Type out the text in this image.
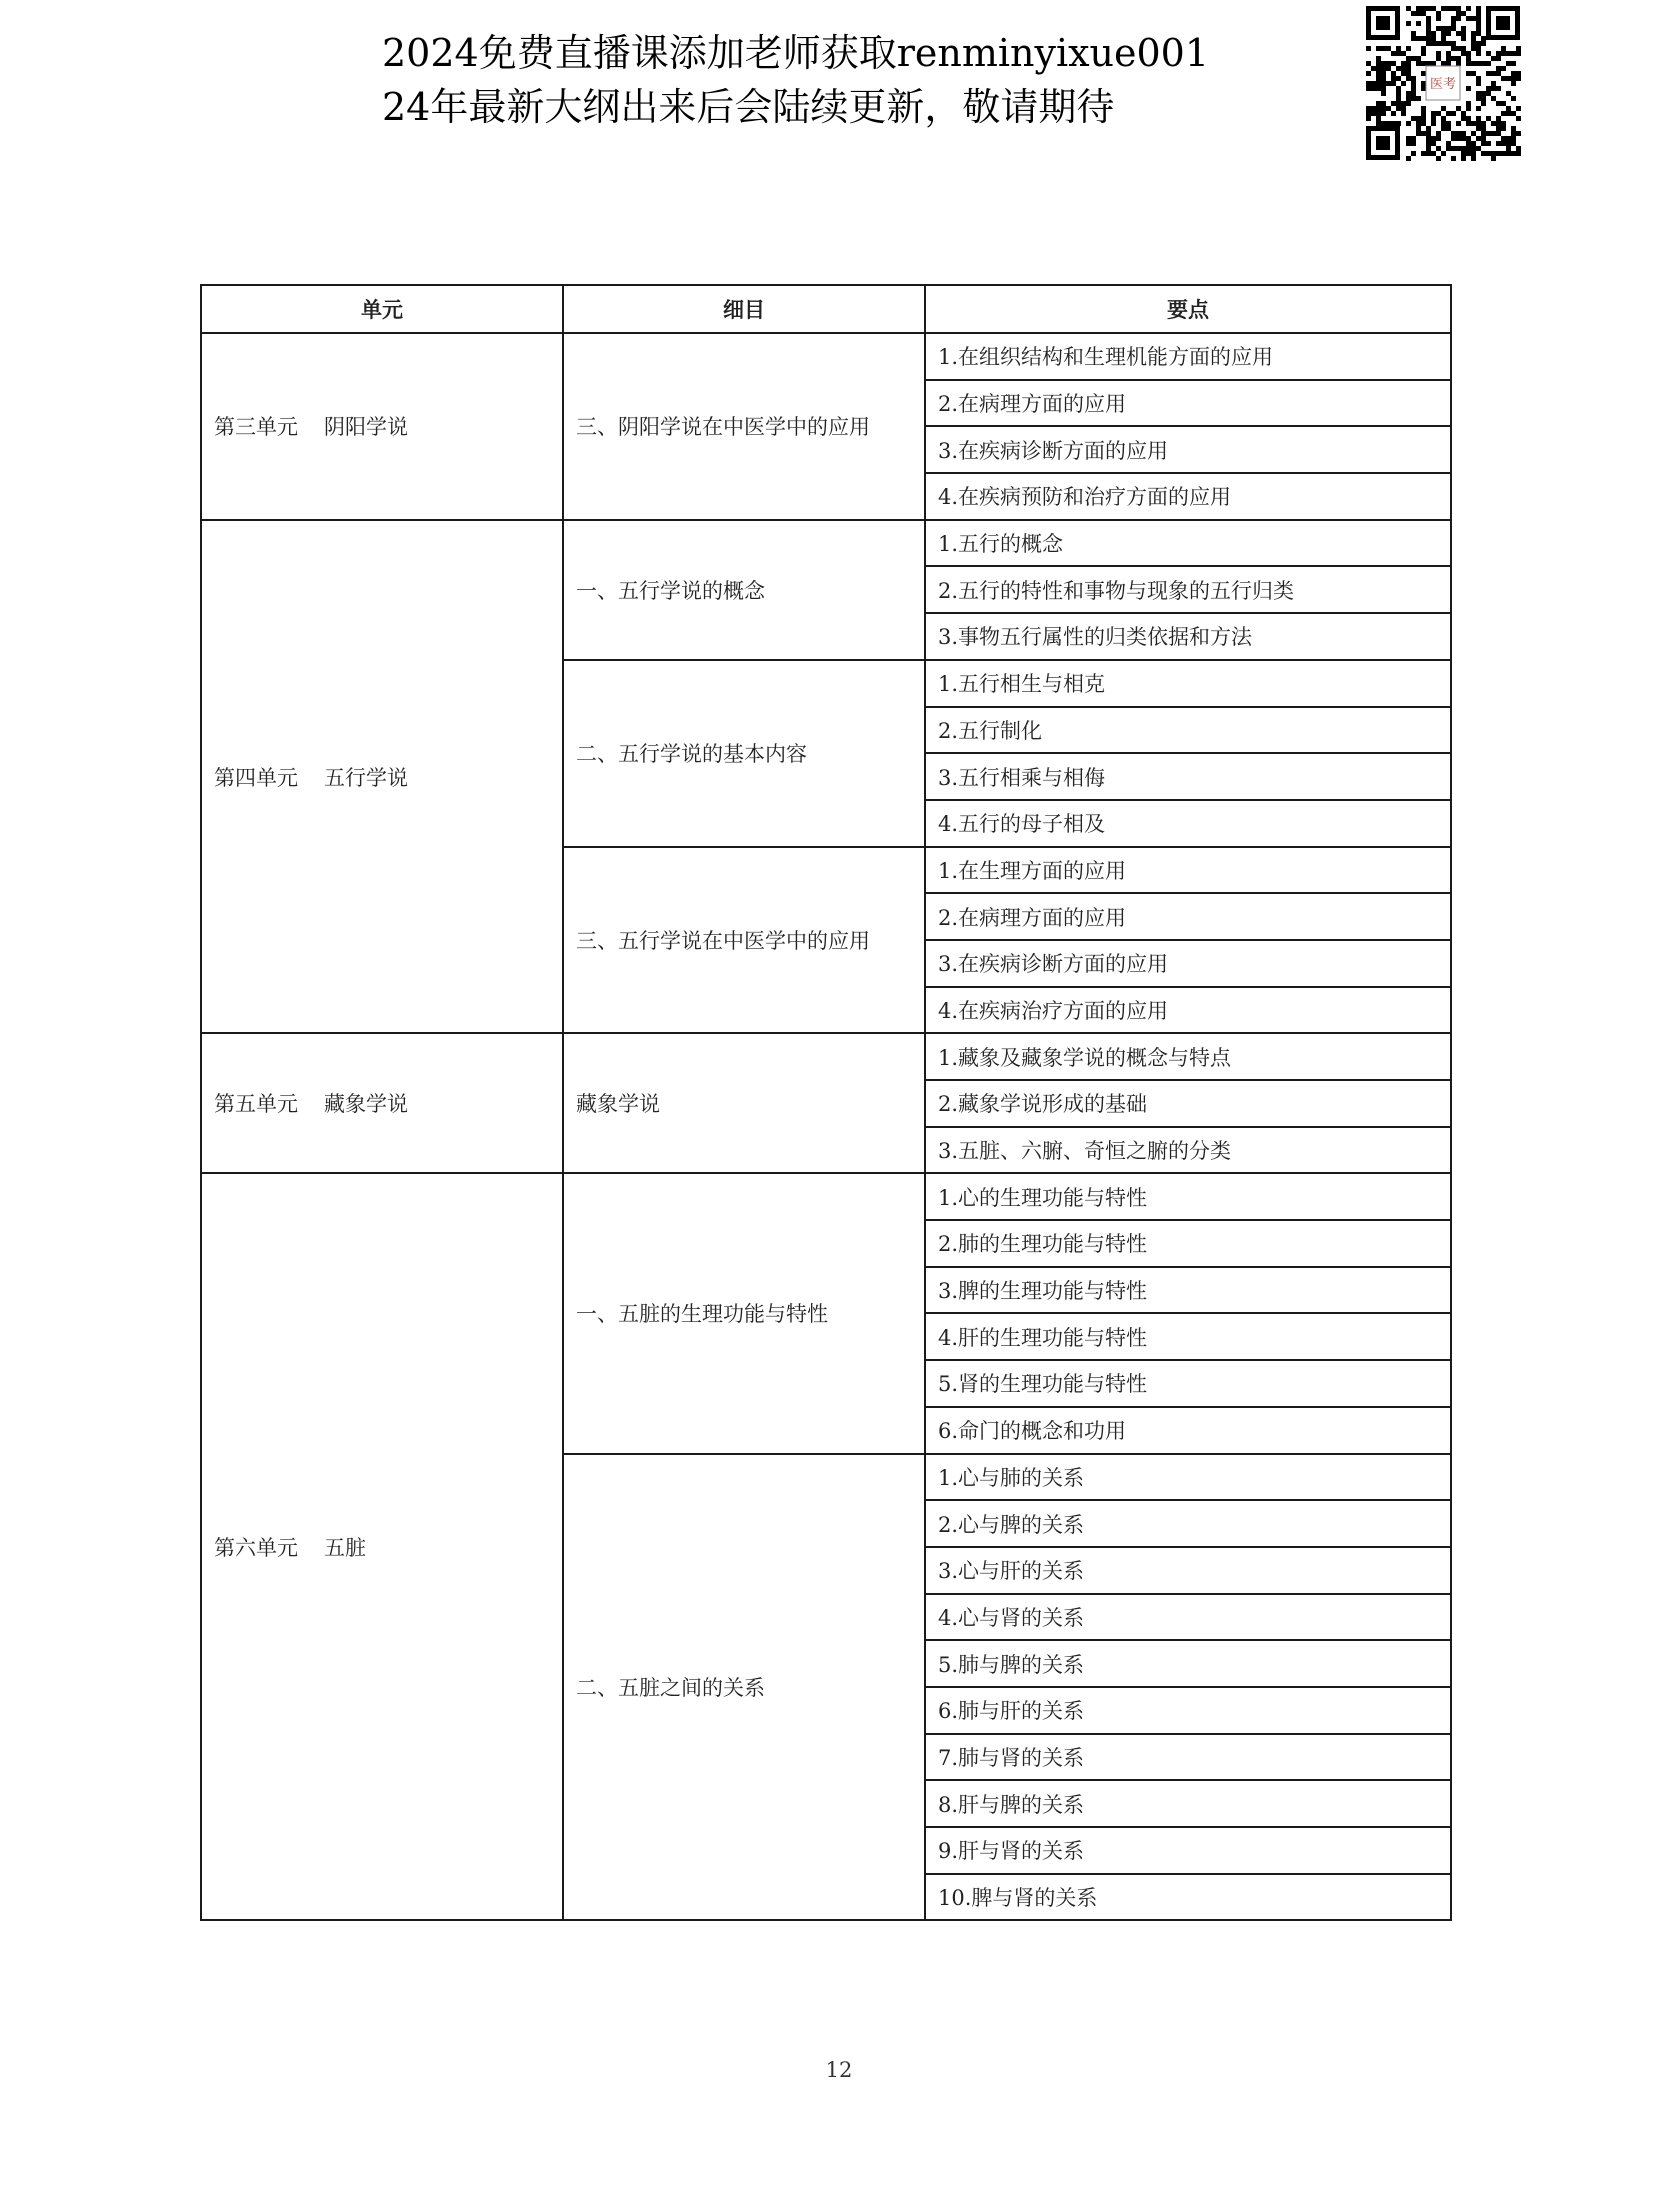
2024免费直播课添加老师获取renminyixue001
24年最新大纲出来后会陆续更新，敬请期待
医考
单元	细目	要点
第三单元 阴阳学说	三、阴阳学说在中医学中的应用	1.在组织结构和生理机能方面的应用
		2.在病理方面的应用
		3.在疾病诊断方面的应用
		4.在疾病预防和治疗方面的应用
第四单元 五行学说	一、五行学说的概念	1.五行的概念
		2.五行的特性和事物与现象的五行归类
		3.事物五行属性的归类依据和方法
	二、五行学说的基本内容	1.五行相生与相克
		2.五行制化
		3.五行相乘与相侮
		4.五行的母子相及
	三、五行学说在中医学中的应用	1.在生理方面的应用
		2.在病理方面的应用
		3.在疾病诊断方面的应用
		4.在疾病治疗方面的应用
第五单元 藏象学说	藏象学说	1.藏象及藏象学说的概念与特点
		2.藏象学说形成的基础
		3.五脏、六腑、奇恒之腑的分类
第六单元 五脏	一、五脏的生理功能与特性	1.心的生理功能与特性
		2.肺的生理功能与特性
		3.脾的生理功能与特性
		4.肝的生理功能与特性
		5.肾的生理功能与特性
		6.命门的概念和功用
	二、五脏之间的关系	1.心与肺的关系
		2.心与脾的关系
		3.心与肝的关系
		4.心与肾的关系
		5.肺与脾的关系
		6.肺与肝的关系
		7.肺与肾的关系
		8.肝与脾的关系
		9.肝与肾的关系
		10.脾与肾的关系
12
